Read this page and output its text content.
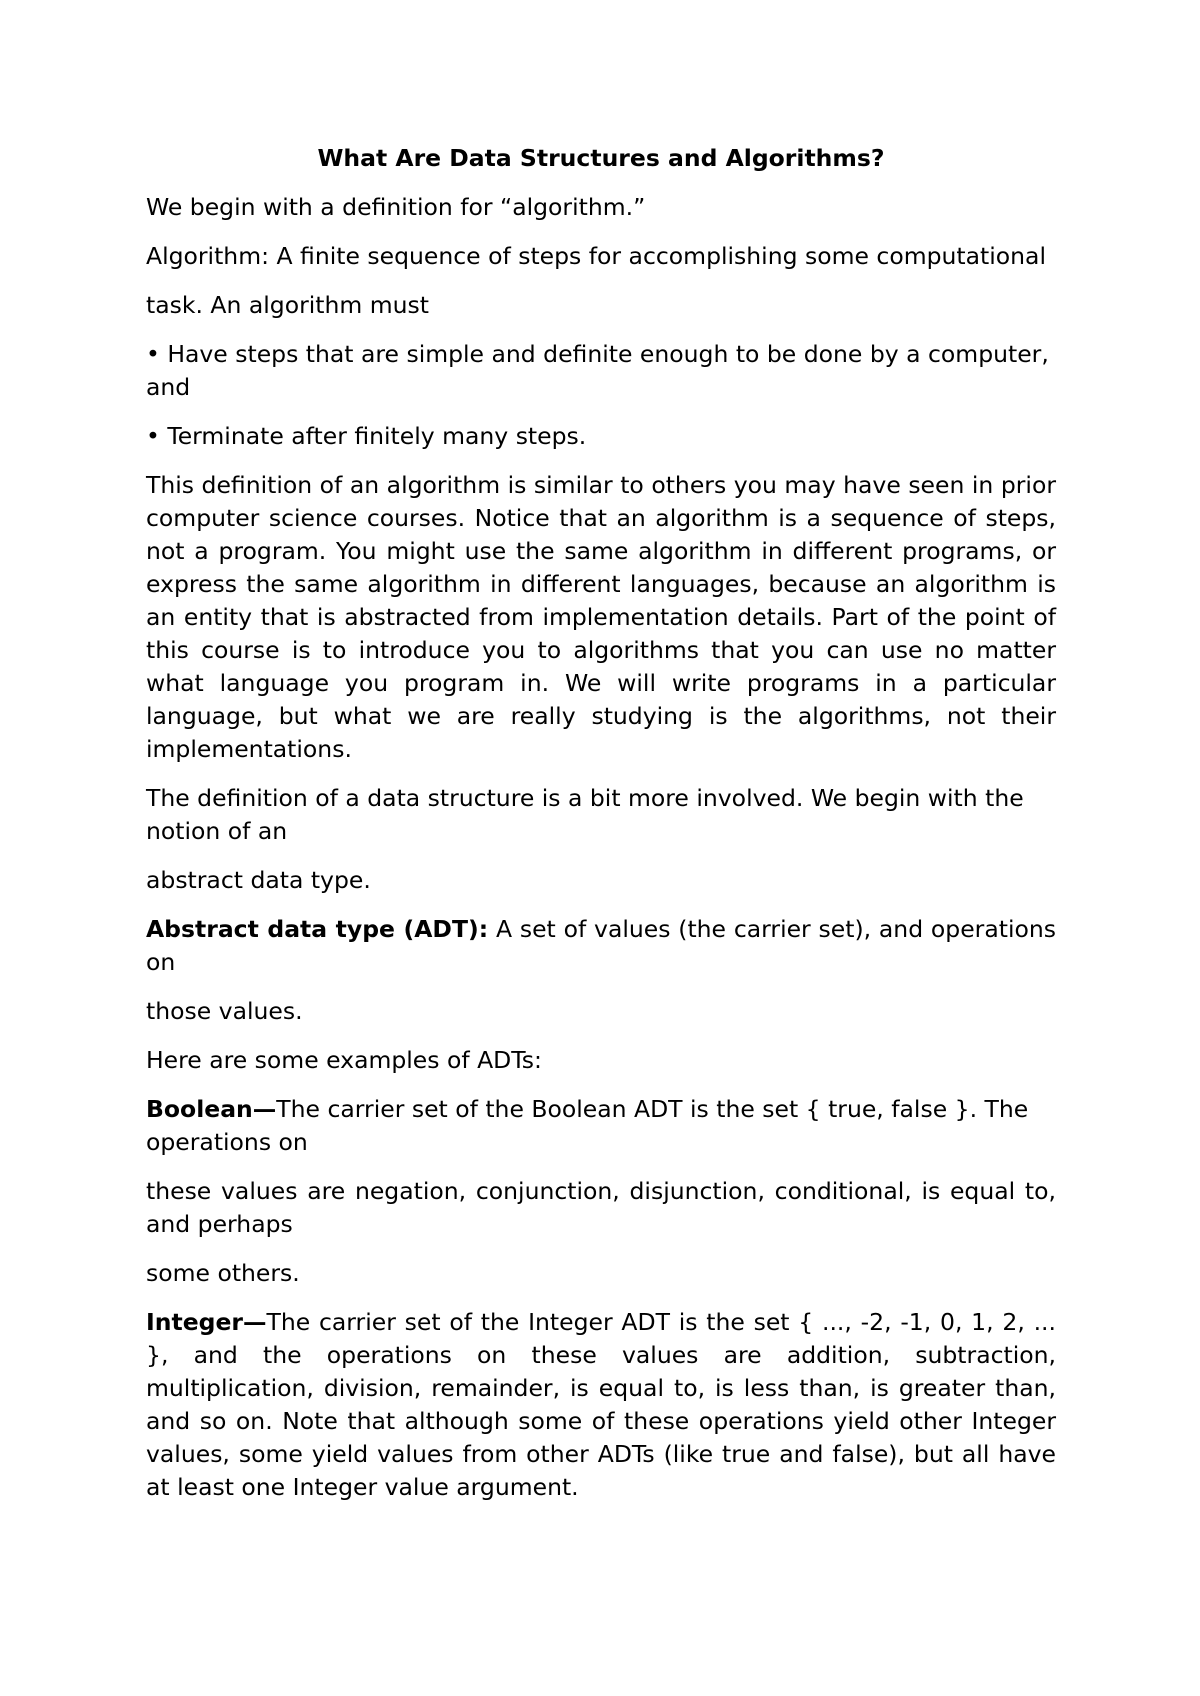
What Are Data Structures and Algorithms?

We begin with a definition for “algorithm.”

Algorithm: A finite sequence of steps for accomplishing some computational

task. An algorithm must

• Have steps that are simple and definite enough to be done by a computer, and

• Terminate after finitely many steps.

This definition of an algorithm is similar to others you may have seen in prior computer science courses. Notice that an algorithm is a sequence of steps, not a program. You might use the same algorithm in different programs, or express the same algorithm in different languages, because an algorithm is an entity that is abstracted from implementation details. Part of the point of this course is to introduce you to algorithms that you can use no matter what language you program in. We will write programs in a particular language, but what we are really studying is the algorithms, not their implementations.

The definition of a data structure is a bit more involved. We begin with the notion of an

abstract data type.

Abstract data type (ADT): A set of values (the carrier set), and operations on

those values.

Here are some examples of ADTs:

Boolean—The carrier set of the Boolean ADT is the set { true, false }. The operations on

these values are negation, conjunction, disjunction, conditional, is equal to, and perhaps

some others.

Integer—The carrier set of the Integer ADT is the set { ..., -2, -1, 0, 1, 2, ... }, and the operations on these values are addition, subtraction, multiplication, division, remainder, is equal to, is less than, is greater than, and so on. Note that although some of these operations yield other Integer values, some yield values from other ADTs (like true and false), but all have at least one Integer value argument.
